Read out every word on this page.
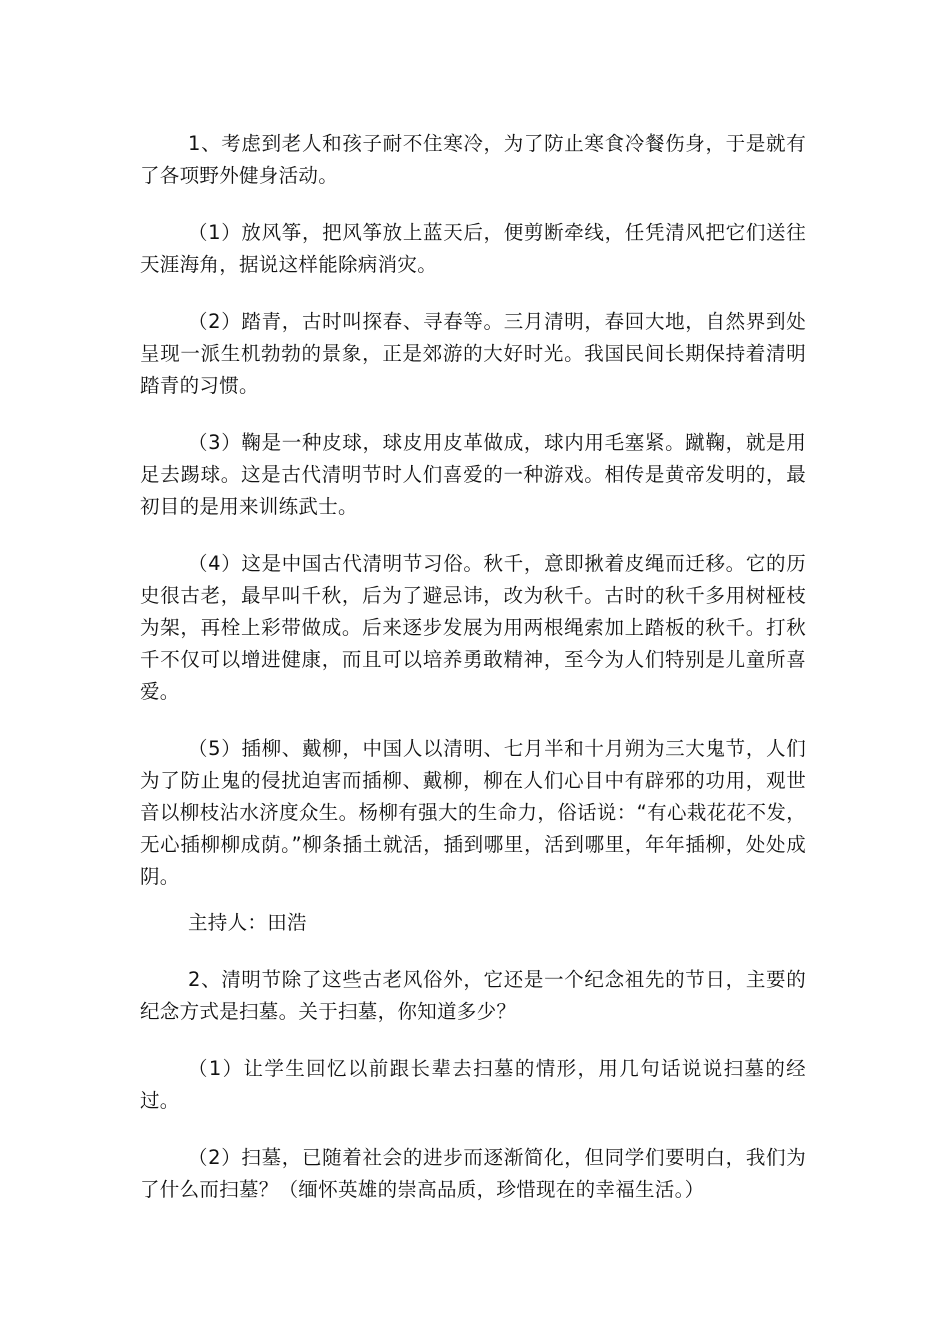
1、考虑到老人和孩子耐不住寒冷，为了防止寒食冷餐伤身，于是就有了各项野外健身活动。

（1）放风筝，把风筝放上蓝天后，便剪断牵线，任凭清风把它们送往天涯海角，据说这样能除病消灾。

（2）踏青，古时叫探春、寻春等。三月清明，春回大地，自然界到处呈现一派生机勃勃的景象，正是郊游的大好时光。我国民间长期保持着清明踏青的习惯。

（3）鞠是一种皮球，球皮用皮革做成，球内用毛塞紧。蹴鞠，就是用足去踢球。这是古代清明节时人们喜爱的一种游戏。相传是黄帝发明的，最初目的是用来训练武士。

（4）这是中国古代清明节习俗。秋千，意即揪着皮绳而迁移。它的历史很古老，最早叫千秋，后为了避忌讳，改为秋千。古时的秋千多用树桠枝为架，再栓上彩带做成。后来逐步发展为用两根绳索加上踏板的秋千。打秋千不仅可以增进健康，而且可以培养勇敢精神，至今为人们特别是儿童所喜爱。

（5）插柳、戴柳，中国人以清明、七月半和十月朔为三大鬼节，人们为了防止鬼的侵扰迫害而插柳、戴柳，柳在人们心目中有辟邪的功用，观世音以柳枝沾水济度众生。杨柳有强大的生命力，俗话说：“有心栽花花不发，无心插柳柳成荫。”柳条插土就活，插到哪里，活到哪里，年年插柳，处处成阴。

主持人：田浩

2、清明节除了这些古老风俗外，它还是一个纪念祖先的节日，主要的纪念方式是扫墓。关于扫墓，你知道多少？

（1）让学生回忆以前跟长辈去扫墓的情形，用几句话说说扫墓的经过。

（2）扫墓，已随着社会的进步而逐渐简化，但同学们要明白，我们为了什么而扫墓？（缅怀英雄的崇高品质，珍惜现在的幸福生活。）
